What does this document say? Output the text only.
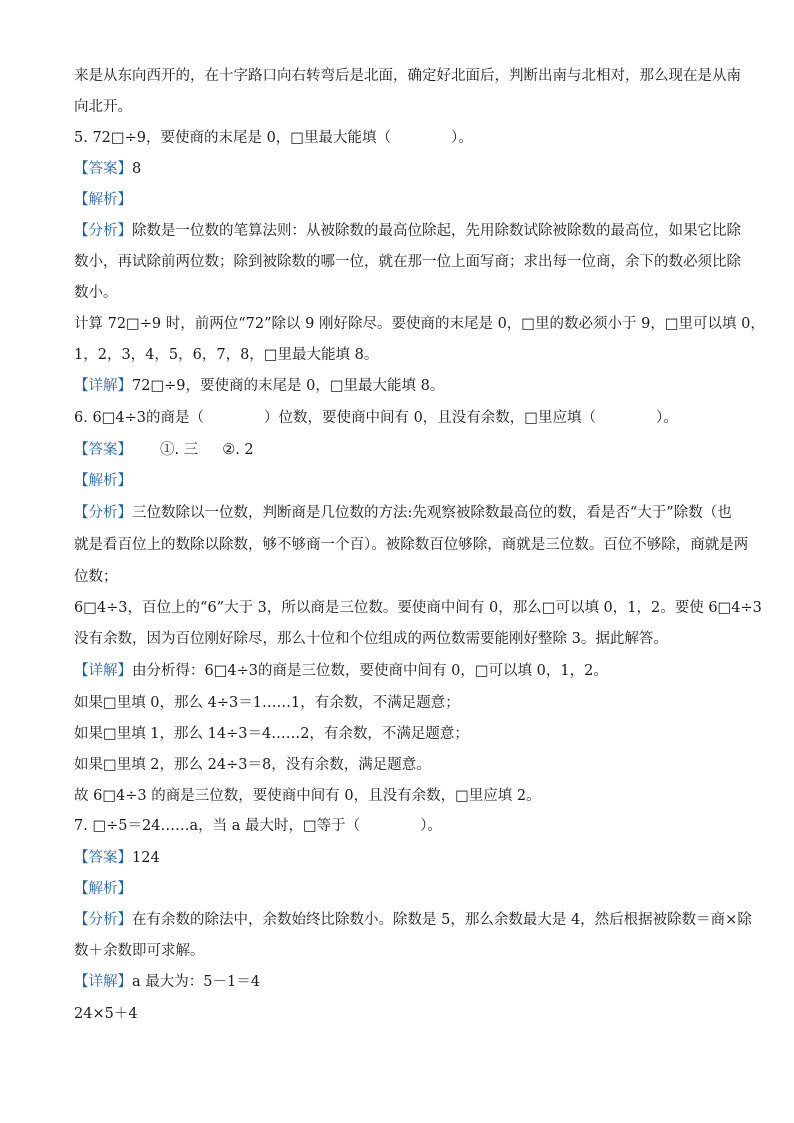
来是从东向西开的，在十字路口向右转弯后是北面，确定好北面后，判断出南与北相对，那么现在是从南
向北开。
5. 72□÷9，要使商的末尾是 0，□里最大能填（	）。
【答案】8
【解析】
【分析】除数是一位数的笔算法则：从被除数的最高位除起，先用除数试除被除数的最高位，如果它比除
数小，再试除前两位数；除到被除数的哪一位，就在那一位上面写商；求出每一位商，余下的数必须比除
数小。
计算 72□÷9 时，前两位“72”除以 9 刚好除尽。要使商的末尾是 0，□里的数必须小于 9，□里可以填 0，
1，2，3，4，5，6，7，8，□里最大能填 8。
【详解】72□÷9，要使商的末尾是 0，□里最大能填 8。
6. 6□4÷3的商是（	）位数，要使商中间有 0，且没有余数，□里应填（	）。
【答案】 ①. 三 ②. 2
【解析】
【分析】三位数除以一位数，判断商是几位数的方法:先观察被除数最高位的数，看是否“大于”除数（也
就是看百位上的数除以除数，够不够商一个百）。被除数百位够除，商就是三位数。百位不够除，商就是两
位数；
6□4÷3，百位上的“6”大于 3，所以商是三位数。要使商中间有 0，那么□可以填 0，1，2。要使 6□4÷3
没有余数，因为百位刚好除尽，那么十位和个位组成的两位数需要能刚好整除 3。据此解答。
【详解】由分析得：6□4÷3的商是三位数，要使商中间有 0，□可以填 0，1，2。
如果□里填 0，那么 4÷3＝1……1，有余数，不满足题意；
如果□里填 1，那么 14÷3＝4……2，有余数，不满足题意；
如果□里填 2，那么 24÷3＝8，没有余数，满足题意。
故 6□4÷3 的商是三位数，要使商中间有 0，且没有余数，□里应填 2。
7. □÷5＝24……a，当 a 最大时，□等于（	）。
【答案】124
【解析】
【分析】在有余数的除法中，余数始终比除数小。除数是 5，那么余数最大是 4，然后根据被除数＝商×除
数＋余数即可求解。
【详解】a 最大为：5－1＝4
24×5＋4
